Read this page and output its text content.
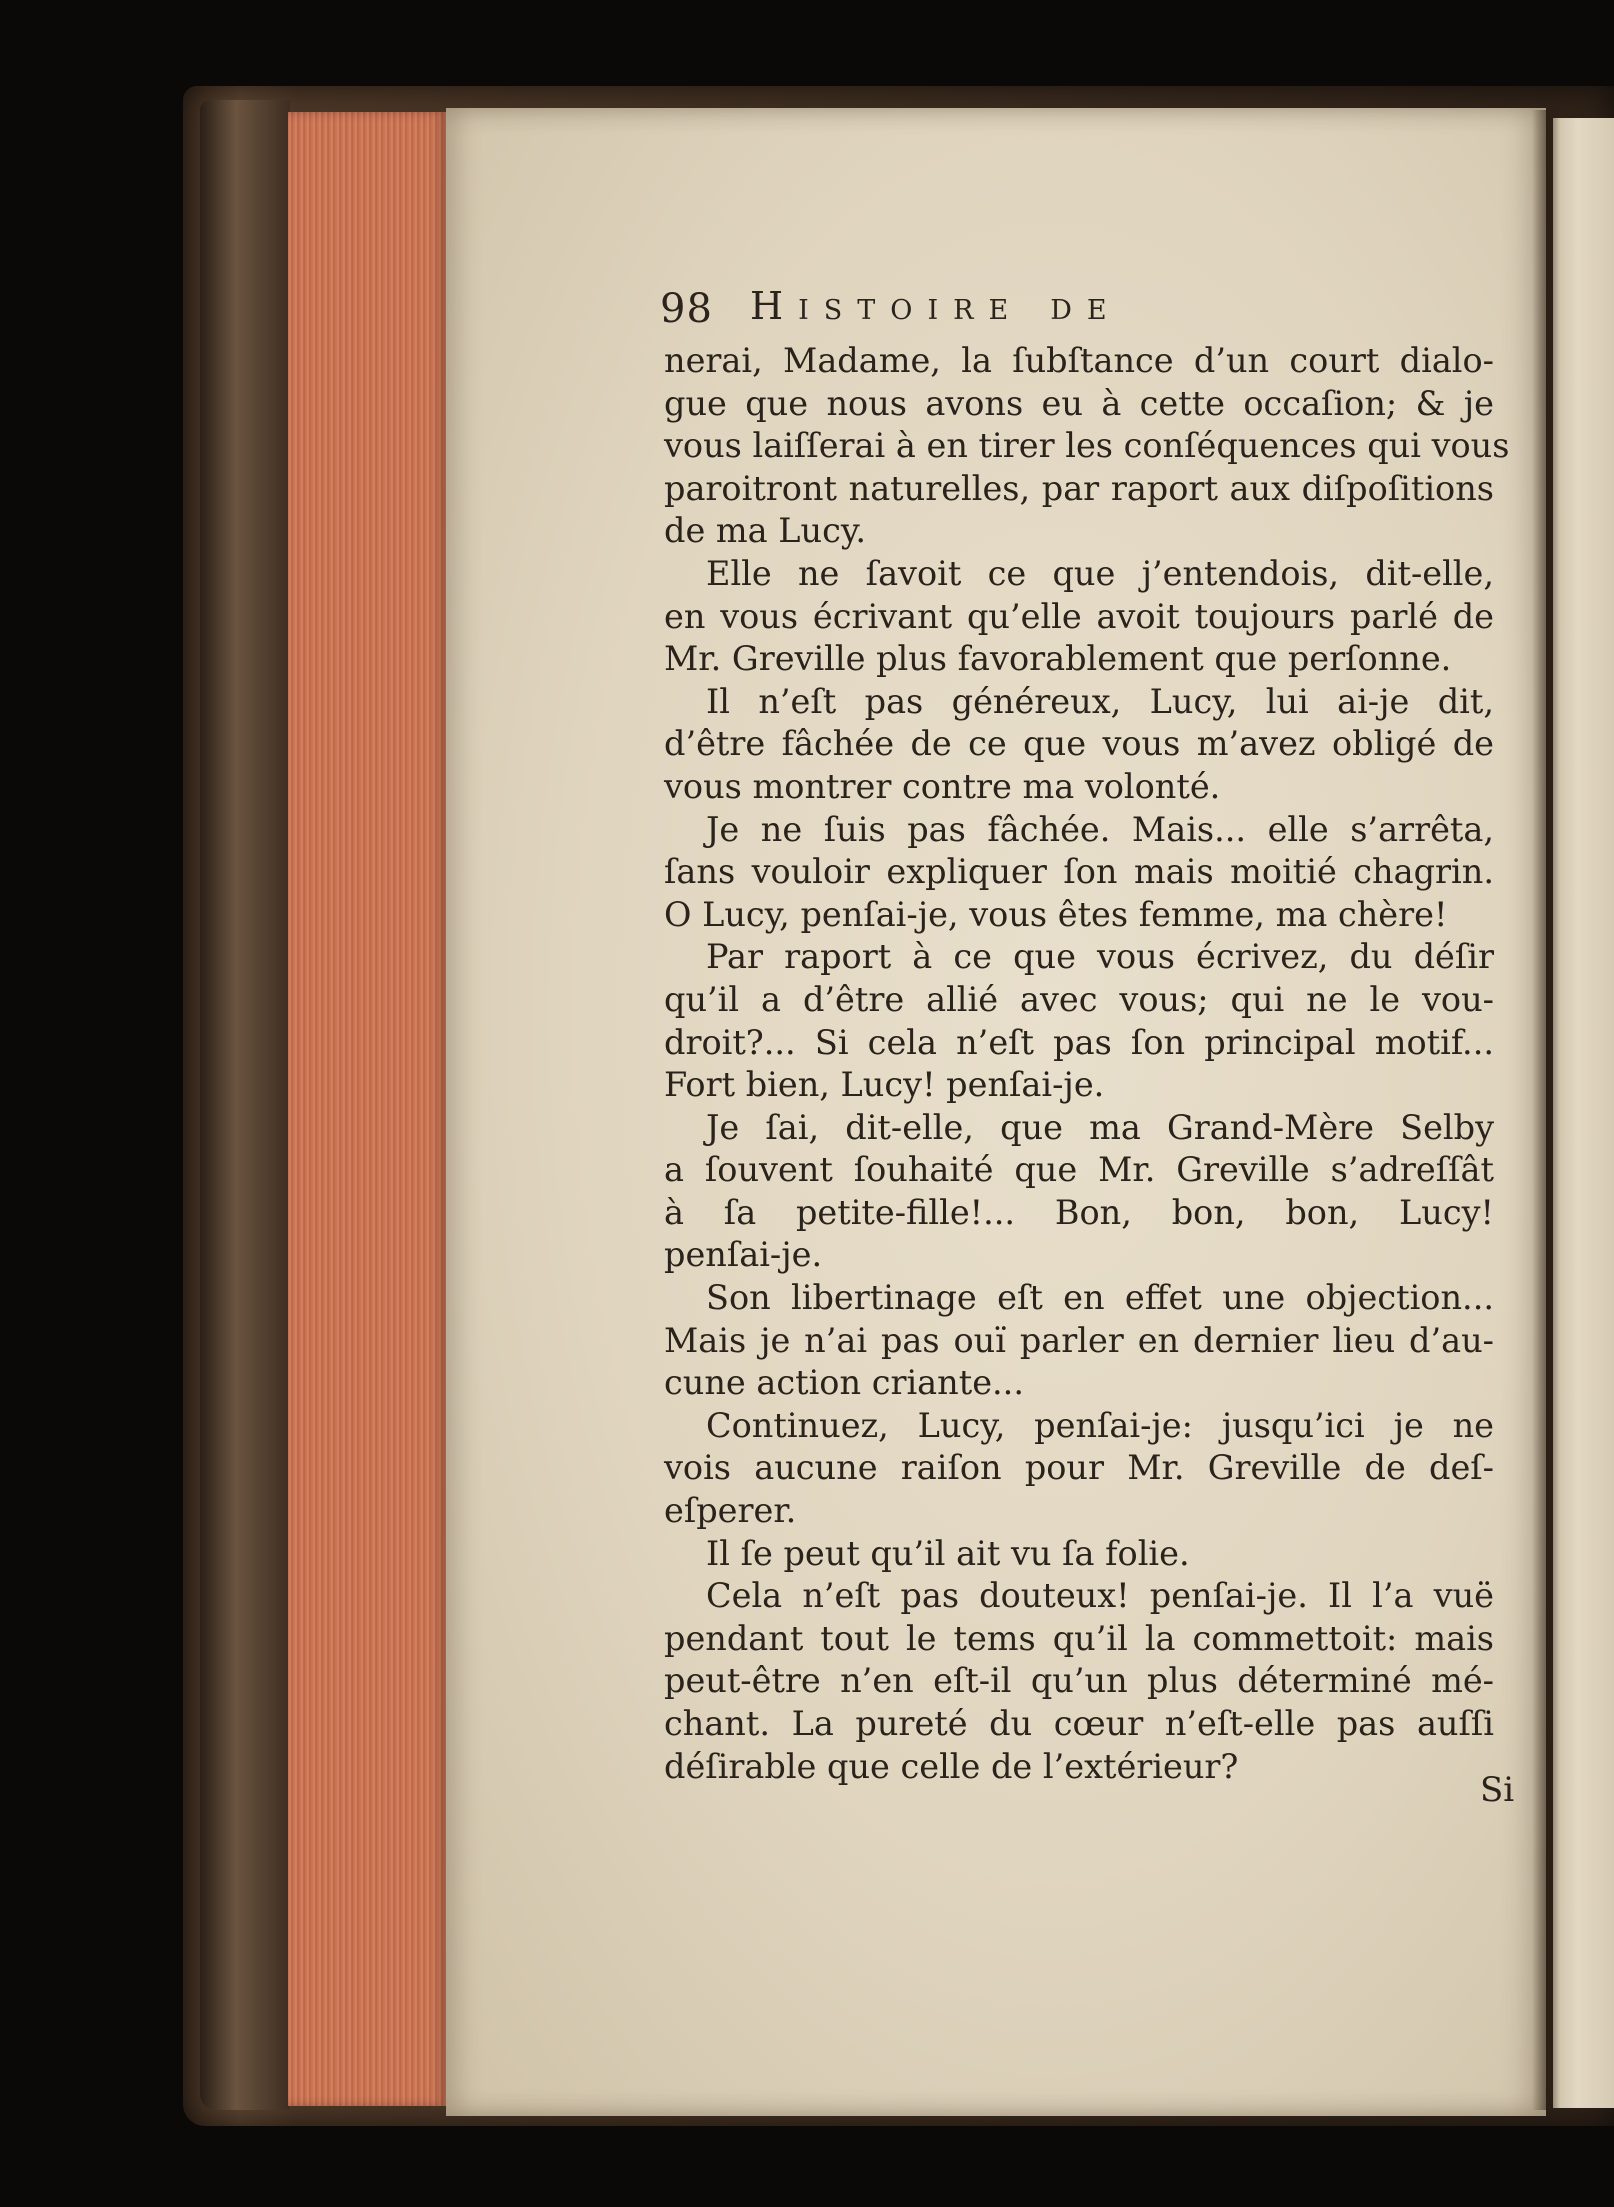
98 Histoire de
nerai, Madame, la ſubſtance d’un court dialo-
gue que nous avons eu à cette occaſion; & je
vous laiſſerai à en tirer les conſéquences qui vous
paroitront naturelles, par raport aux diſpoſitions
de ma Lucy.
Elle ne ſavoit ce que j’entendois, dit-elle,
en vous écrivant qu’elle avoit toujours parlé de
Mr. Greville plus favorablement que perſonne.
Il n’eſt pas généreux, Lucy, lui ai-je dit,
d’être fâchée de ce que vous m’avez obligé de
vous montrer contre ma volonté.
Je ne ſuis pas fâchée. Mais... elle s’arrêta,
ſans vouloir expliquer ſon mais moitié chagrin.
O Lucy, penſai-je, vous êtes femme, ma chère!
Par raport à ce que vous écrivez, du déſir
qu’il a d’être allié avec vous; qui ne le vou-
droit?... Si cela n’eſt pas ſon principal motif...
Fort bien, Lucy! penſai-je.
Je ſai, dit-elle, que ma Grand-Mère Selby
a ſouvent ſouhaité que Mr. Greville s’adreſſât
à ſa petite-fille!... Bon, bon, bon, Lucy!
penſai-je.
Son libertinage eſt en effet une objection...
Mais je n’ai pas ouï parler en dernier lieu d’au-
cune action criante...
Continuez, Lucy, penſai-je: jusqu’ici je ne
vois aucune raiſon pour Mr. Greville de deſ-
eſperer.
Il ſe peut qu’il ait vu ſa folie.
Cela n’eſt pas douteux! penſai-je. Il l’a vuë
pendant tout le tems qu’il la commettoit: mais
peut-être n’en eſt-il qu’un plus déterminé mé-
chant. La pureté du cœur n’eſt-elle pas auſſi
déſirable que celle de l’extérieur?
Si
